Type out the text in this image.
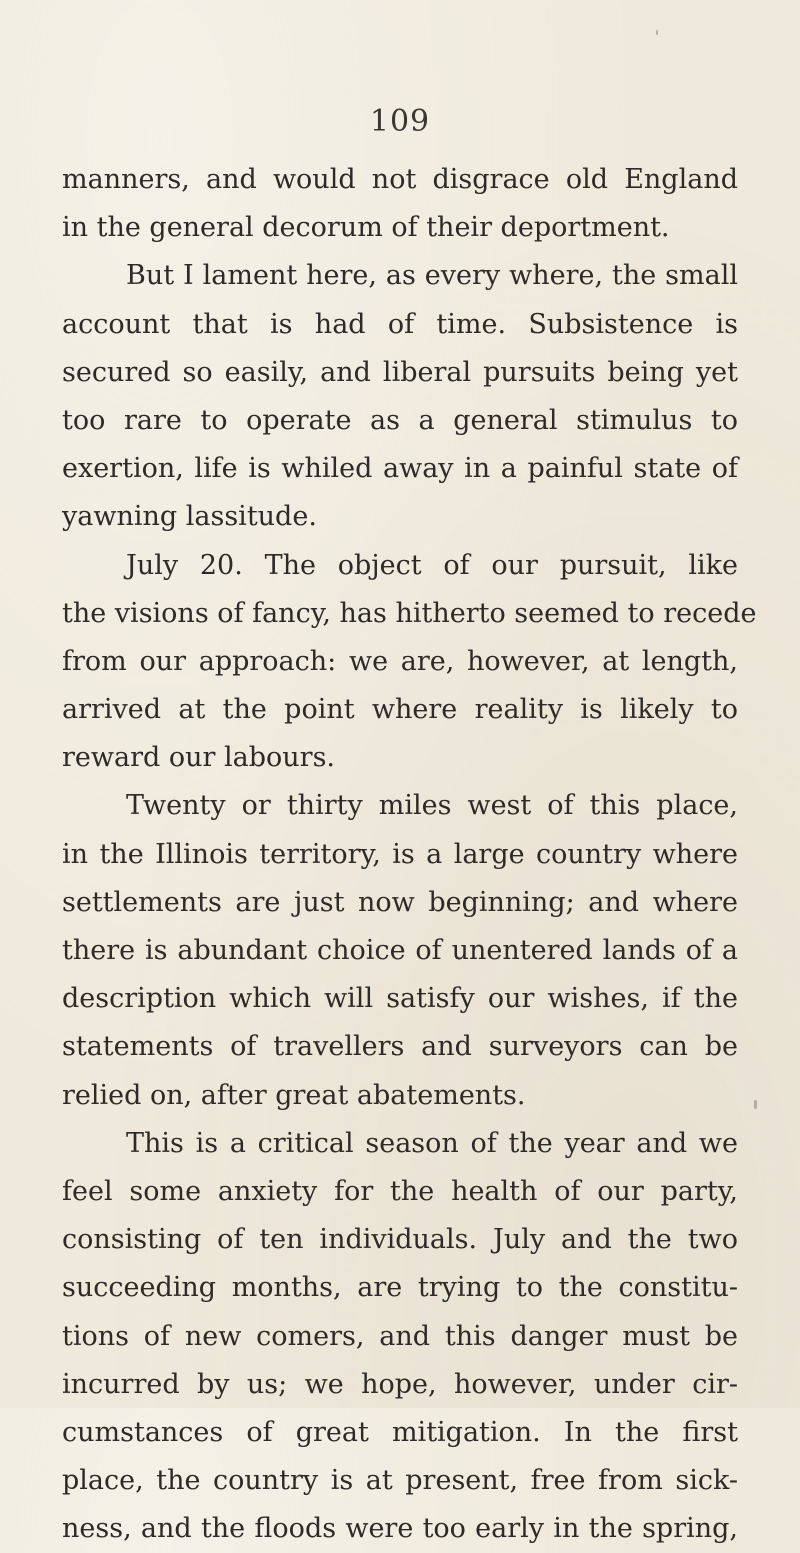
109
manners, and would not disgrace old England
in the general decorum of their deportment.
But I lament here, as every where, the small
account that is had of time. Subsistence is
secured so easily, and liberal pursuits being yet
too rare to operate as a general stimulus to
exertion, life is whiled away in a painful state of
yawning lassitude.
July 20. The object of our pursuit, like
the visions of fancy, has hitherto seemed to recede
from our approach: we are, however, at length,
arrived at the point where reality is likely to
reward our labours.
Twenty or thirty miles west of this place,
in the Illinois territory, is a large country where
settlements are just now beginning; and where
there is abundant choice of unentered lands of a
description which will satisfy our wishes, if the
statements of travellers and surveyors can be
relied on, after great abatements.
This is a critical season of the year and we
feel some anxiety for the health of our party,
consisting of ten individuals. July and the two
succeeding months, are trying to the constitu-
tions of new comers, and this danger must be
incurred by us; we hope, however, under cir-
cumstances of great mitigation. In the first
place, the country is at present, free from sick-
ness, and the floods were too early in the spring,
